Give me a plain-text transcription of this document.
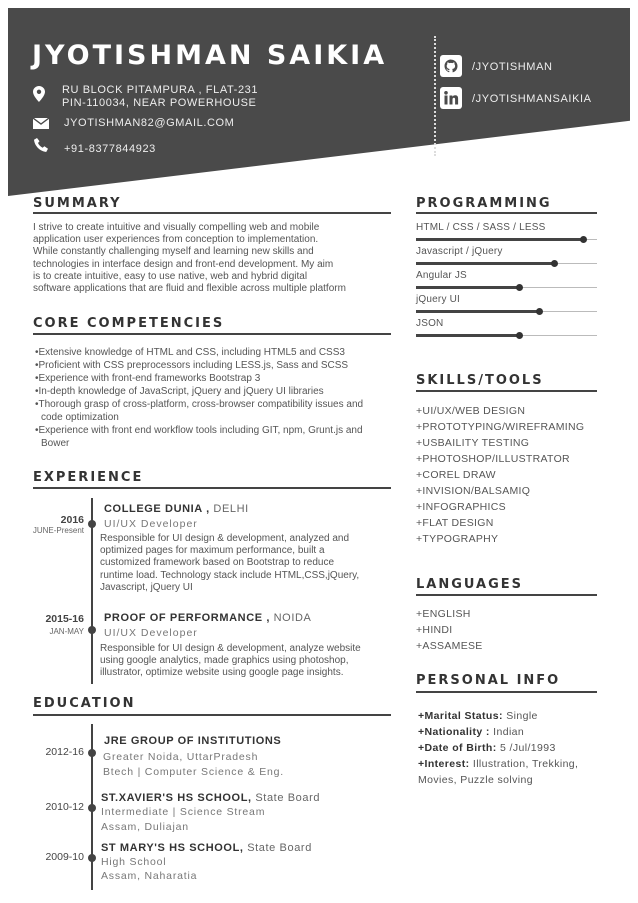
JYOTISHMAN SAIKIA
RU BLOCK PITAMPURA , FLAT-231
PIN-110034, NEAR POWERHOUSE
JYOTISHMAN82@GMAIL.COM
+91-8377844923
/JYOTISHMAN
/JYOTISHMANSAIKIA
SUMMARY
I strive to create intuitive and visually compelling web and mobile
application user experiences from conception to implementation.
While constantly challenging myself and learning new skills and
technologies in interface design and front-end development. My aim
is to create intuitive, easy to use native, web and hybrid digital
software applications that are fluid and flexible across multiple platform
CORE COMPETENCIES
•Extensive knowledge of HTML and CSS, including HTML5 and CSS3
•Proficient with CSS preprocessors including LESS.js, Sass and SCSS
•Experience with front-end frameworks Bootstrap 3
•In-depth knowledge of JavaScript, jQuery and jQuery UI libraries
•Thorough grasp of cross-platform, cross-browser compatibility issues and code optimization
•Experience with front end workflow tools including GIT, npm, Grunt.js and Bower
EXPERIENCE
2016
JUNE-Present
COLLEGE DUNIA , DELHI
UI/UX Developer
Responsible for UI design & development, analyzed and
optimized pages for maximum performance, built a
customized framework based on Bootstrap to reduce
runtime load. Technology stack include HTML,CSS,jQuery,
Javascript, jQuery UI
2015-16
JAN-MAY
PROOF OF PERFORMANCE , NOIDA
UI/UX Developer
Responsible for UI design & development, analyze website
using google analytics, made graphics using photoshop,
illustrator, optimize website using google page insights.
EDUCATION
2012-16
JRE GROUP OF INSTITUTIONS
Greater Noida, UttarPradesh
Btech | Computer Science & Eng.
2010-12
ST.XAVIER'S HS SCHOOL, State Board
Intermediate | Science Stream
Assam, Duliajan
2009-10
ST MARY'S HS SCHOOL, State Board
High School
Assam, Naharatia
PROGRAMMING
HTML / CSS / SASS / LESS
Javascript / jQuery
Angular JS
jQuery UI
JSON
SKILLS/TOOLS
+UI/UX/WEB DESIGN
+PROTOTYPING/WIREFRAMING
+USBAILITY TESTING
+PHOTOSHOP/ILLUSTRATOR
+COREL DRAW
+INVISION/BALSAMIQ
+INFOGRAPHICS
+FLAT DESIGN
+TYPOGRAPHY
LANGUAGES
+ENGLISH
+HINDI
+ASSAMESE
PERSONAL INFO
+Marital Status: Single
+Nationality : Indian
+Date of Birth: 5 /Jul/1993
+Interest: Illustration, Trekking, Movies, Puzzle solving
